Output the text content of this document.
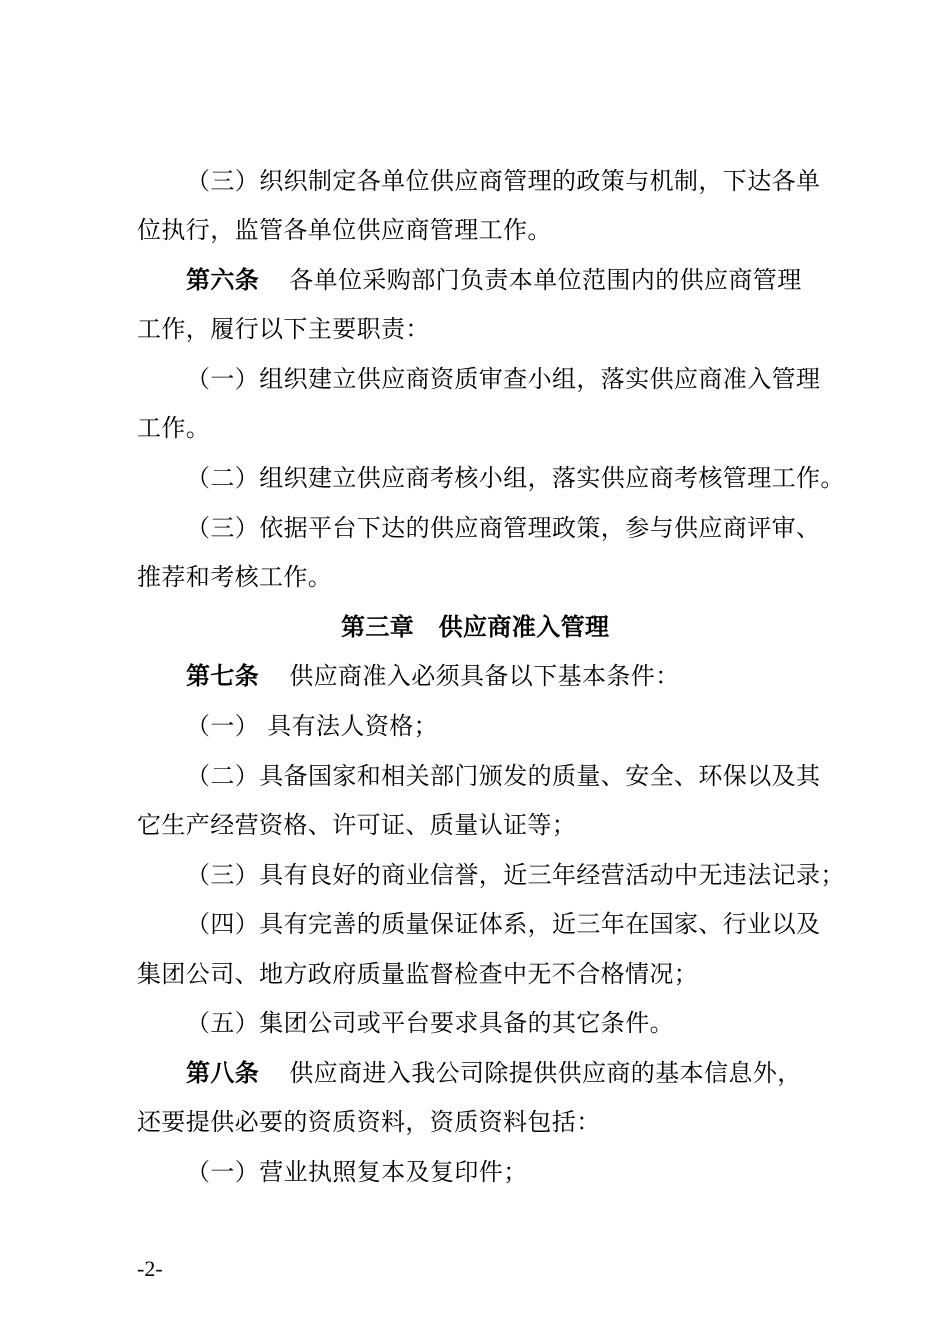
（三）织织制定各单位供应商管理的政策与机制，下达各单
位执行，监管各单位供应商管理工作。
第六条 各单位采购部门负责本单位范围内的供应商管理
工作，履行以下主要职责：
（一）组织建立供应商资质审查小组，落实供应商准入管理
工作。
（二）组织建立供应商考核小组，落实供应商考核管理工作。
（三）依据平台下达的供应商管理政策，参与供应商评审、
推荐和考核工作。
第三章　供应商准入管理
第七条 供应商准入必须具备以下基本条件：
（一） 具有法人资格；
（二）具备国家和相关部门颁发的质量、安全、环保以及其
它生产经营资格、许可证、质量认证等；
（三）具有良好的商业信誉，近三年经营活动中无违法记录；
（四）具有完善的质量保证体系，近三年在国家、行业以及
集团公司、地方政府质量监督检查中无不合格情况；
（五）集团公司或平台要求具备的其它条件。
第八条 供应商进入我公司除提供供应商的基本信息外，
还要提供必要的资质资料，资质资料包括：
（一）营业执照复本及复印件；
-2-
